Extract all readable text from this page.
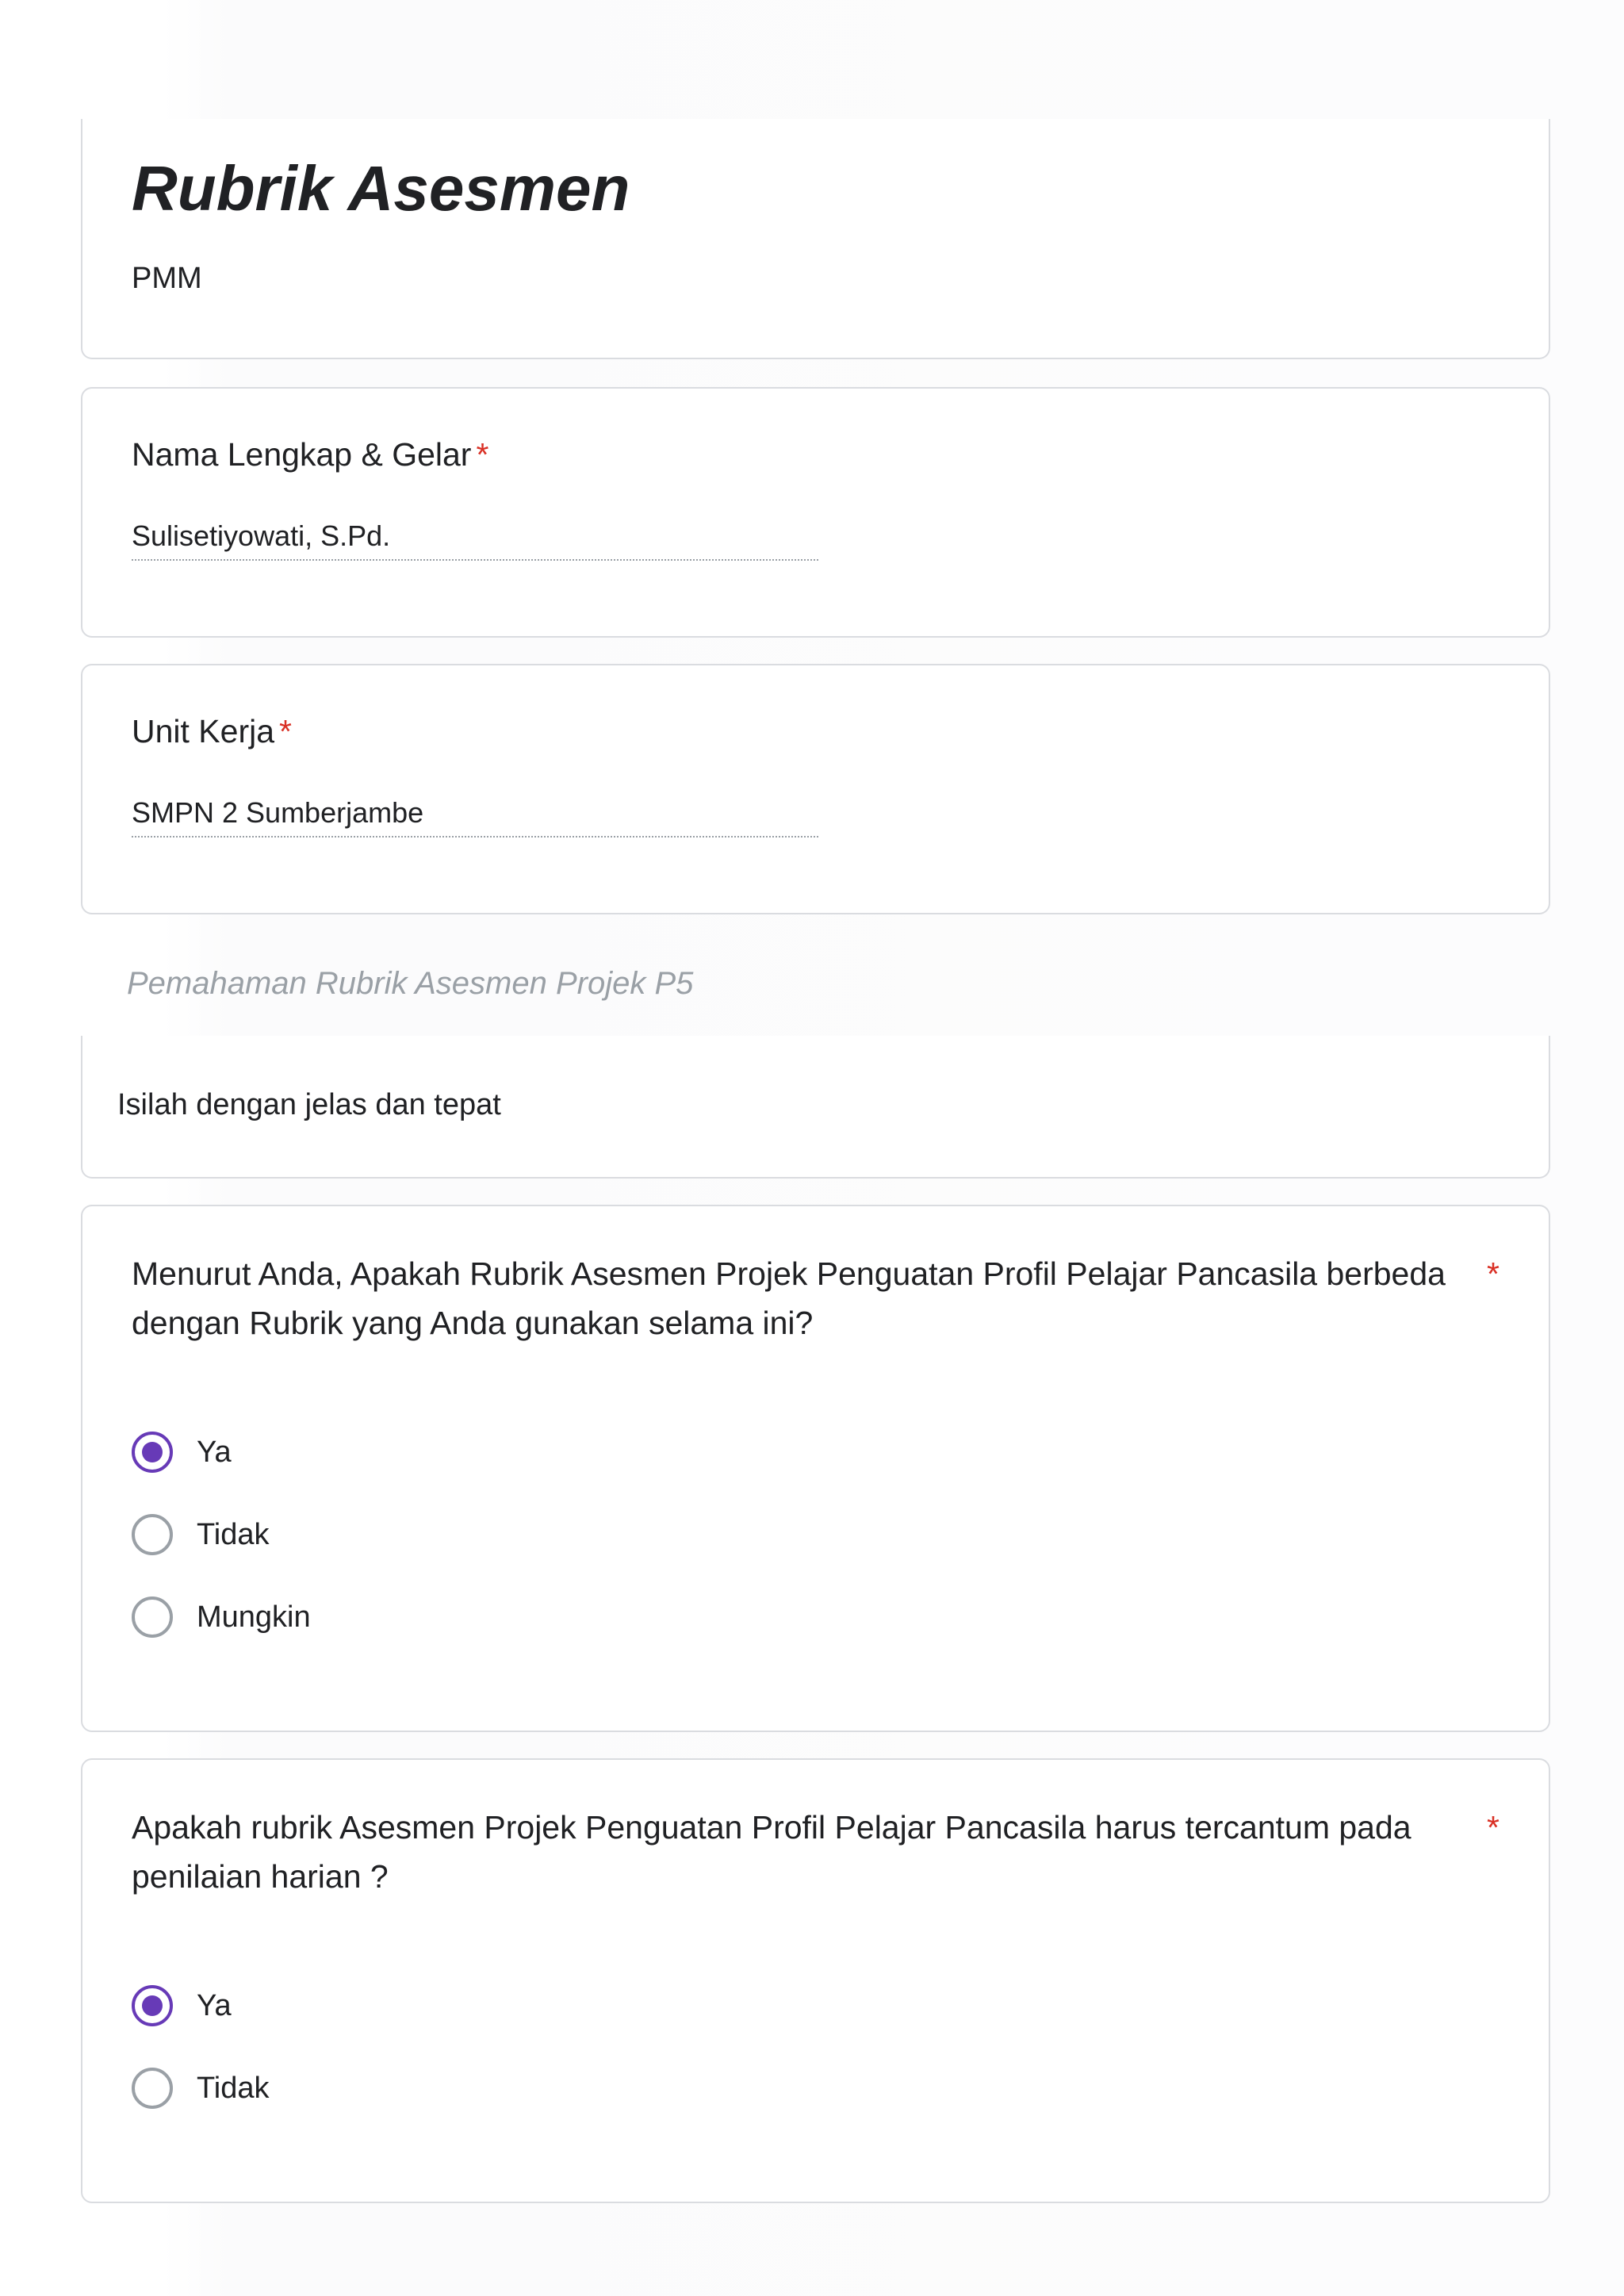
Rubrik Asesmen
PMM
Nama Lengkap & Gelar *
Sulisetiyowati, S.Pd.
Unit Kerja *
SMPN 2 Sumberjambe
Pemahaman Rubrik Asesmen Projek P5
Isilah dengan jelas dan tepat
Menurut Anda, Apakah Rubrik Asesmen Projek Penguatan Profil Pelajar Pancasila berbeda dengan Rubrik yang Anda gunakan selama ini?
*
Ya
Tidak
Mungkin
Apakah rubrik Asesmen Projek Penguatan Profil Pelajar Pancasila harus tercantum pada penilaian harian ?
*
Ya
Tidak
